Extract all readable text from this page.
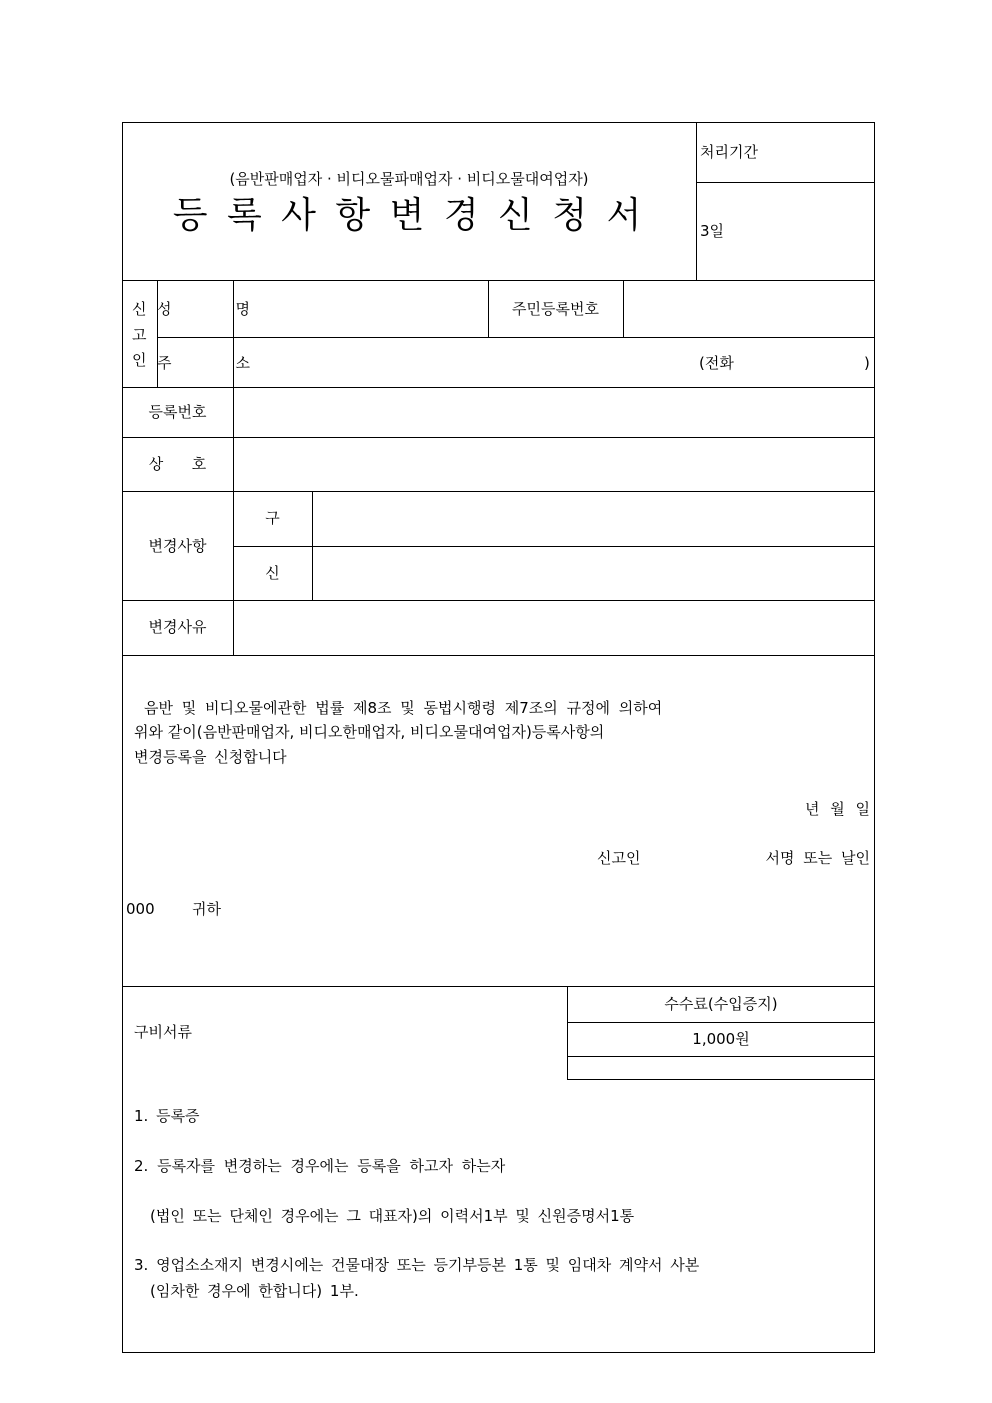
(음반판매업자 · 비디오물파매업자 · 비디오물대여업자)
등 록 사 항 변 경 신 청 서
처리기간
3일
신
고
인
성    명	주민등록번호
주    소	(전화	)
등록번호
상      호
변경사항
구
신
변경사유
음반 및 비디오물에관한 법률 제8조 및 동법시행령 제7조의 규정에 의하여
위와 같이(음반판매업자, 비디오한매업자, 비디오물대여업자)등록사항의
변경등록을 신청합니다
년 월 일
신고인	서명 또는 날인
000 귀하
구비서류
수수료(수입증지)
1,000원
1. 등록증
2. 등록자를 변경하는 경우에는 등록을 하고자 하는자
(법인 또는 단체인 경우에는 그 대표자)의 이력서1부 및 신원증명서1통
3. 영업소소재지 변경시에는 건물대장 또는 등기부등본 1통 및 임대차 계약서 사본
(임차한 경우에 한합니다) 1부.
